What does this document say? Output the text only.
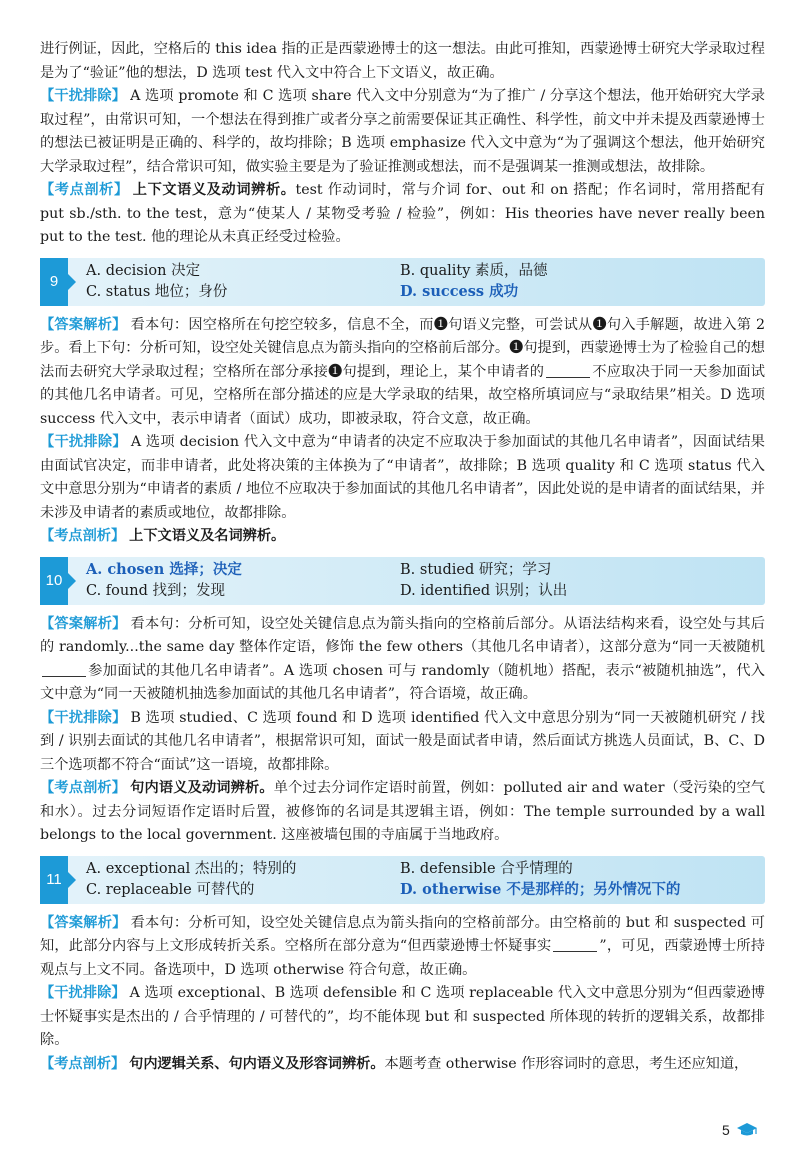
进行例证，因此，空格后的 this idea 指的正是西蒙逊博士的这一想法。由此可推知，西蒙逊博士研究大学录取过程是为了“验证”他的想法，D 选项 test 代入文中符合上下文语义，故正确。

【干扰排除】 A 选项 promote 和 C 选项 share 代入文中分别意为“为了推广 / 分享这个想法，他开始研究大学录取过程”，由常识可知，一个想法在得到推广或者分享之前需要保证其正确性、科学性，前文中并未提及西蒙逊博士的想法已被证明是正确的、科学的，故均排除；B 选项 emphasize 代入文中意为“为了强调这个想法，他开始研究大学录取过程”，结合常识可知，做实验主要是为了验证推测或想法，而不是强调某一推测或想法，故排除。

【考点剖析】 上下文语义及动词辨析。test 作动词时，常与介词 for、out 和 on 搭配；作名词时，常用搭配有 put sb./sth. to the test，意为“使某人 / 某物受考验 / 检验”，例如：His theories have never really been put to the test. 他的理论从未真正经受过检验。

9
A. decision 决定	B. quality 素质，品德
C. status 地位；身份	D. success 成功

【答案解析】 看本句：因空格所在句挖空较多，信息不全，而❶句语义完整，可尝试从❶句入手解题，故进入第 2 步。看上下句：分析可知，设空处关键信息点为箭头指向的空格前后部分。❶句提到，西蒙逊博士为了检验自己的想法而去研究大学录取过程；空格所在部分承接❶句提到，理论上，某个申请者的	不应取决于同一天参加面试的其他几名申请者。可见，空格所在部分描述的应是大学录取的结果，故空格所填词应与“录取结果”相关。D 选项 success 代入文中，表示申请者（面试）成功，即被录取，符合文意，故正确。

【干扰排除】 A 选项 decision 代入文中意为“申请者的决定不应取决于参加面试的其他几名申请者”，因面试结果由面试官决定，而非申请者，此处将决策的主体换为了“申请者”，故排除；B 选项 quality 和 C 选项 status 代入文中意思分别为“申请者的素质 / 地位不应取决于参加面试的其他几名申请者”，因此处说的是申请者的面试结果，并未涉及申请者的素质或地位，故都排除。

【考点剖析】 上下文语义及名词辨析。

10
A. chosen 选择；决定	B. studied 研究；学习
C. found 找到；发现	D. identified 识别；认出

【答案解析】 看本句：分析可知，设空处关键信息点为箭头指向的空格前后部分。从语法结构来看，设空处与其后的 randomly...the same day 整体作定语，修饰 the few others（其他几名申请者），这部分意为“同一天被随机参加面试的其他几名申请者”。A 选项 chosen 可与 randomly（随机地）搭配，表示“被随机抽选”，代入文中意为“同一天被随机抽选参加面试的其他几名申请者”，符合语境，故正确。

【干扰排除】 B 选项 studied、C 选项 found 和 D 选项 identified 代入文中意思分别为“同一天被随机研究 / 找到 / 识别去面试的其他几名申请者”，根据常识可知，面试一般是面试者申请，然后面试方挑选人员面试，B、C、D 三个选项都不符合“面试”这一语境，故都排除。

【考点剖析】 句内语义及动词辨析。单个过去分词作定语时前置，例如：polluted air and water（受污染的空气和水）。过去分词短语作定语时后置，被修饰的名词是其逻辑主语，例如：The temple surrounded by a wall belongs to the local government. 这座被墙包围的寺庙属于当地政府。

11
A. exceptional 杰出的；特别的	B. defensible 合乎情理的
C. replaceable 可替代的	D. otherwise 不是那样的；另外情况下的

【答案解析】 看本句：分析可知，设空处关键信息点为箭头指向的空格前部分。由空格前的 but 和 suspected 可知，此部分内容与上文形成转折关系。空格所在部分意为“但西蒙逊博士怀疑事实	”，可见，西蒙逊博士所持观点与上文不同。备选项中，D 选项 otherwise 符合句意，故正确。

【干扰排除】 A 选项 exceptional、B 选项 defensible 和 C 选项 replaceable 代入文中意思分别为“但西蒙逊博士怀疑事实是杰出的 / 合乎情理的 / 可替代的”，均不能体现 but 和 suspected 所体现的转折的逻辑关系，故都排除。

【考点剖析】 句内逻辑关系、句内语义及形容词辨析。本题考查 otherwise 作形容词时的意思，考生还应知道，

5
